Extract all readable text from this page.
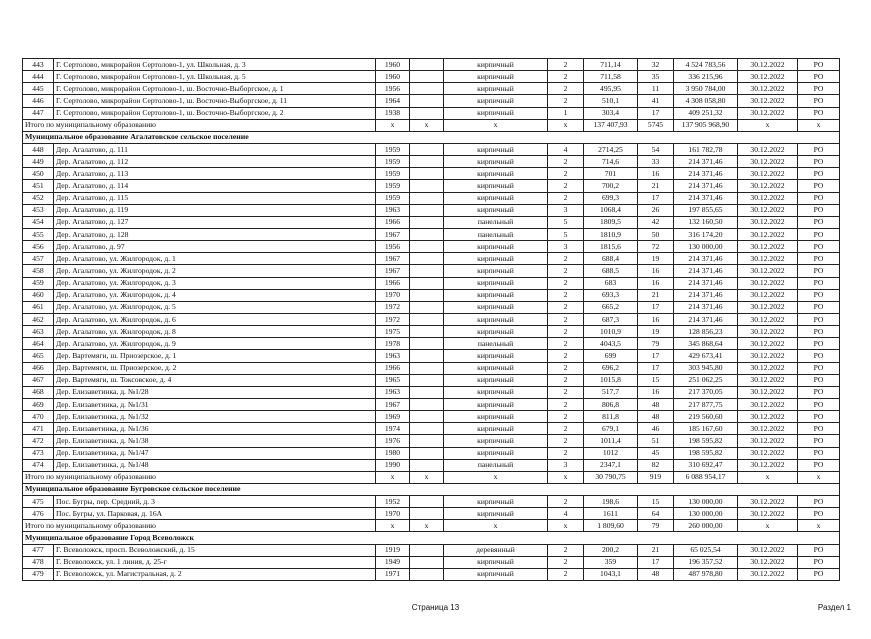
443	Г. Сертолово, микрорайон Сертолово-1, ул. Школьная, д. 3	1960		кирпичный	2	711,14	32	4 524 783,56	30.12.2022	РО
444	Г. Сертолово, микрорайон Сертолово-1, ул. Школьная, д. 5	1960		кирпичный	2	711,58	35	336 215,96	30.12.2022	РО
445	Г. Сертолово, микрорайон Сертолово-1, ш. Восточно-Выборгское, д. 1	1956		кирпичный	2	495,95	11	3 950 784,00	30.12.2022	РО
446	Г. Сертолово, микрорайон Сертолово-1, ш. Восточно-Выборгское, д. 11	1964		кирпичный	2	510,1	41	4 308 058,80	30.12.2022	РО
447	Г. Сертолово, микрорайон Сертолово-1, ш. Восточно-Выборгское, д. 2	1938		кирпичный	1	303,4	17	409 251,32	30.12.2022	РО
Итого по муниципальному образованию		х	х	х	х	137 407,93	5745	137 905 968,90	х	х
Муниципальное образование Агалатовское сельское поселение										
448	Дер. Агалатово, д. 111	1959		кирпичный	4	2714,25	54	161 782,78	30.12.2022	РО
449	Дер. Агалатово, д. 112	1959		кирпичный	2	714,6	33	214 371,46	30.12.2022	РО
450	Дер. Агалатово, д. 113	1959		кирпичный	2	701	16	214 371,46	30.12.2022	РО
451	Дер. Агалатово, д. 114	1959		кирпичный	2	700,2	21	214 371,46	30.12.2022	РО
452	Дер. Агалатово, д. 115	1959		кирпичный	2	699,3	17	214 371,46	30.12.2022	РО
453	Дер. Агалатово, д. 119	1963		кирпичный	3	1068,4	26	197 855,65	30.12.2022	РО
454	Дер. Агалатово, д. 127	1966		панельный	5	1809,5	42	132 160,50	30.12.2022	РО
455	Дер. Агалатово, д. 128	1967		панельный	5	1810,9	50	316 174,20	30.12.2022	РО
456	Дер. Агалатово, д. 97	1956		кирпичный	3	1815,6	72	130 000,00	30.12.2022	РО
457	Дер. Агалатово, ул. Жилгородок, д. 1	1967		кирпичный	2	688,4	19	214 371,46	30.12.2022	РО
458	Дер. Агалатово, ул. Жилгородок, д. 2	1967		кирпичный	2	688,5	16	214 371,46	30.12.2022	РО
459	Дер. Агалатово, ул. Жилгородок, д. 3	1966		кирпичный	2	683	16	214 371,46	30.12.2022	РО
460	Дер. Агалатово, ул. Жилгородок, д. 4	1970		кирпичный	2	693,3	21	214 371,46	30.12.2022	РО
461	Дер. Агалатово, ул. Жилгородок, д. 5	1972		кирпичный	2	665,2	17	214 371,46	30.12.2022	РО
462	Дер. Агалатово, ул. Жилгородок, д. 6	1972		кирпичный	2	687,3	16	214 371,46	30.12.2022	РО
463	Дер. Агалатово, ул. Жилгородок, д. 8	1975		кирпичный	2	1010,9	19	128 856,23	30.12.2022	РО
464	Дер. Агалатово, ул. Жилгородок, д. 9	1978		панельный	2	4043,5	79	345 868,64	30.12.2022	РО
465	Дер. Вартемяги, ш. Приозерское, д. 1	1963		кирпичный	2	699	17	429 673,41	30.12.2022	РО
466	Дер. Вартемяги, ш. Приозерское, д. 2	1966		кирпичный	2	696,2	17	303 945,80	30.12.2022	РО
467	Дер. Вартемяги, ш. Токсовское, д. 4	1965		кирпичный	2	1015,8	15	251 062,25	30.12.2022	РО
468	Дер. Елизаветинка, д. №1/28	1963		кирпичный	2	517,7	16	217 370,05	30.12.2022	РО
469	Дер. Елизаветинка, д. №1/31	1967		кирпичный	2	806,8	48	217 877,75	30.12.2022	РО
470	Дер. Елизаветинка, д. №1/32	1969		кирпичный	2	811,8	48	219 560,60	30.12.2022	РО
471	Дер. Елизаветинка, д. №1/36	1974		кирпичный	2	679,1	46	185 167,60	30.12.2022	РО
472	Дер. Елизаветинка, д. №1/38	1976		кирпичный	2	1011,4	51	198 595,82	30.12.2022	РО
473	Дер. Елизаветинка, д. №1/47	1980		кирпичный	2	1012	45	198 595,82	30.12.2022	РО
474	Дер. Елизаветинка, д. №1/48	1990		панельный	3	2347,1	82	310 692,47	30.12.2022	РО
Итого по муниципальному образованию		х	х	х	х	30 790,75	919	6 088 954,17	х	х
Муниципальное образование Бугровское сельское поселение										
475	Пос. Бугры, пер. Средний, д. 3	1952		кирпичный	2	198,6	15	130 000,00	30.12.2022	РО
476	Пос. Бугры, ул. Парковая, д. 16А	1970		кирпичный	4	1611	64	130 000,00	30.12.2022	РО
Итого по муниципальному образованию		х	х	х	х	1 809,60	79	260 000,00	х	х
Муниципальное образование Город Всеволожск										
477	Г. Всеволожск, просп. Всеволожский, д. 15	1919		деревянный	2	200,2	21	65 025,54	30.12.2022	РО
478	Г. Всеволожск, ул. 1 линия, д. 25-г	1949		кирпичный	2	359	17	196 357,52	30.12.2022	РО
479	Г. Всеволожск, ул. Магистральная, д. 2	1971		кирпичный	2	1043,1	48	487 978,80	30.12.2022	РО
Страница 13	Раздел 1
